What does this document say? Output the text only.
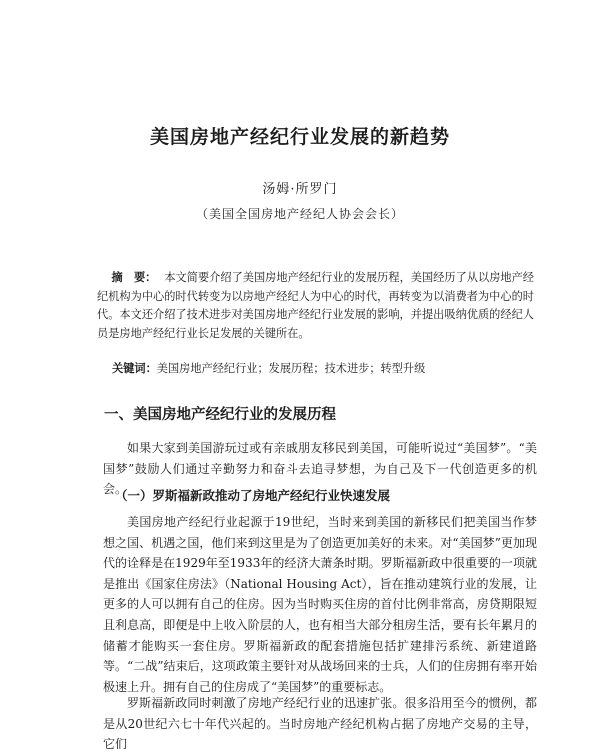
美国房地产经纪行业发展的新趋势
汤姆·所罗门
（美国全国房地产经纪人协会会长）
摘　要： 本文简要介绍了美国房地产经纪行业的发展历程，美国经历了从以房地产经纪机构为中心的时代转变为以房地产经纪人为中心的时代，再转变为以消费者为中心的时代。本文还介绍了技术进步对美国房地产经纪行业发展的影响，并提出吸纳优质的经纪人员是房地产经纪行业长足发展的关键所在。
关键词：美国房地产经纪行业；发展历程；技术进步；转型升级
一、美国房地产经纪行业的发展历程
如果大家到美国游玩过或有亲戚朋友移民到美国，可能听说过“美国梦”。“美国梦”鼓励人们通过辛勤努力和奋斗去追寻梦想，为自己及下一代创造更多的机会。
（一）罗斯福新政推动了房地产经纪行业快速发展
美国房地产经纪行业起源于19世纪，当时来到美国的新移民们把美国当作梦想之国、机遇之国，他们来到这里是为了创造更加美好的未来。对“美国梦”更加现代的诠释是在1929年至1933年的经济大萧条时期。罗斯福新政中很重要的一项就是推出《国家住房法》（National Housing Act），旨在推动建筑行业的发展，让更多的人可以拥有自己的住房。因为当时购买住房的首付比例非常高，房贷期限短且利息高，即便是中上收入阶层的人，也有相当大部分租房生活，要有长年累月的储蓄才能购买一套住房。罗斯福新政的配套措施包括扩建排污系统、新建道路等。“二战”结束后，这项政策主要针对从战场回来的士兵，人们的住房拥有率开始极速上升。拥有自己的住房成了“美国梦”的重要标志。
罗斯福新政同时刺激了房地产经纪行业的迅速扩张。很多沿用至今的惯例，都是从20世纪六七十年代兴起的。当时房地产经纪机构占据了房地产交易的主导，它们
